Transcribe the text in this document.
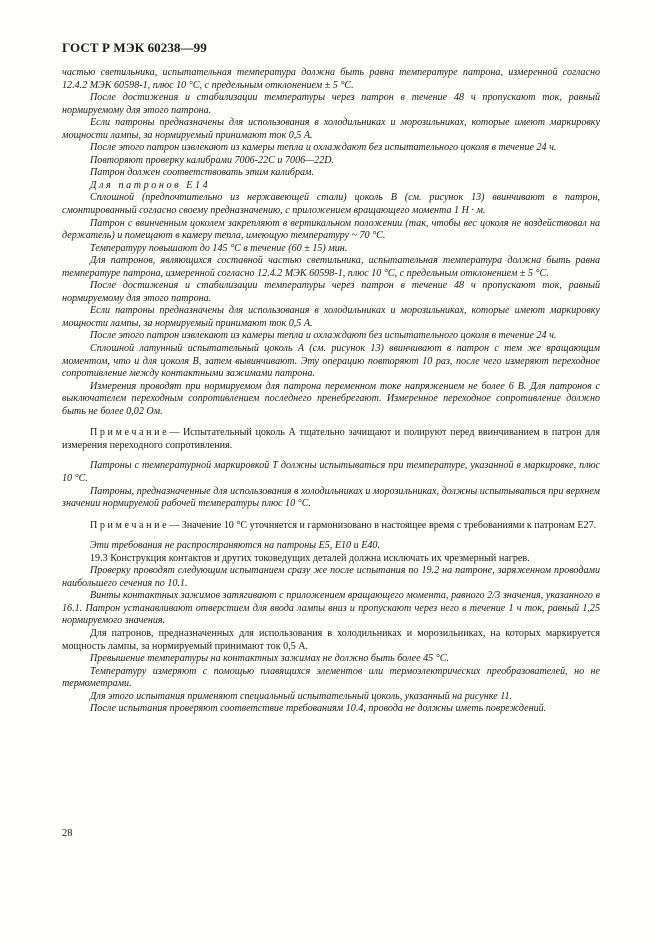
ГОСТ Р МЭК 60238—99

частью светильника, испытательная температура должна быть равна температуре патрона, измеренной согласно 12.4.2 МЭК 60598-1, плюс 10 °С, с предельным отклонением ± 5 °С.

После достижения и стабилизации температуры через патрон в течение 48 ч пропускают ток, равный нормируемому для этого патрона.

Если патроны предназначены для использования в холодильниках и морозильниках, которые имеют маркировку мощности лампы, за нормируемый принимают ток 0,5 А.

После этого патрон извлекают из камеры тепла и охлаждают без испытательного цоколя в течение 24 ч.

Повторяют проверку калибрами 7006-22С и 7006—22D.

Патрон должен соответствовать этим калибрам.

Для патронов Е14

Сплошной (предпочтительно из нержавеющей стали) цоколь В (см. рисунок 13) ввинчивают в патрон, смонтированный согласно своему предназначению, с приложением вращающего момента 1 Н · м.

Патрон с ввинченным цоколем закрепляют в вертикальном положении (так, чтобы вес цоколя не воздействовал на держатель) и помещают в камеру тепла, имеющую температуру ~ 70 °С.

Температуру повышают до 145 °С в течение (60 ± 15) мин.

Для патронов, являющихся составной частью светильника, испытательная температура должна быть равна температуре патрона, измеренной согласно 12.4.2 МЭК 60598-1, плюс 10 °С, с предельным отклонением ± 5 °С.

После достижения и стабилизации температуры через патрон в течение 48 ч пропускают ток, равный нормируемому для этого патрона.

Если патроны предназначены для использования в холодильниках и морозильниках, которые имеют маркировку мощности лампы, за нормируемый принимают ток 0,5 А.

После этого патрон извлекают из камеры тепла и охлаждают без испытательного цоколя в течение 24 ч.

Сплошной латунный испытательный цоколь А (см. рисунок 13) ввинчивают в патрон с тем же вращающим моментом, что и для цоколя В, затем вывинчивают. Эту операцию повторяют 10 раз, после чего измеряют переходное сопротивление между контактными зажимами патрона.

Измерения проводят при нормируемом для патрона переменном токе напряжением не более 6 В. Для патронов с выключателем переходным сопротивлением последнего пренебрегают. Измеренное переходное сопротивление должно быть не более 0,02 Ом.

Примечание— Испытательный цоколь А тщательно зачищают и полируют перед ввинчиванием в патрон для измерения переходного сопротивления.

Патроны с температурной маркировкой Т должны испытываться при температуре, указанной в маркировке, плюс 10 °С.

Патроны, предназначенные для использования в холодильниках и морозильниках, должны испытываться при верхнем значении нормируемой рабочей температуры плюс 10 °С.

Примечание— Значение 10 °С уточняется и гармонизовано в настоящее время с требованиями к патронам Е27.

Эти требования не распространяются на патроны Е5, Е10 и Е40.

19.3 Конструкция контактов и других токоведущих деталей должна исключать их чрезмерный нагрев.

Проверку проводят следующим испытанием сразу же после испытания по 19.2 на патроне, заряженном проводами наибольшего сечения по 10.1.

Винты контактных зажимов затягивают с приложением вращающего момента, равного 2/3 значения, указанного в 16.1. Патрон устанавливают отверстием для ввода лампы вниз и пропускают через него в течение 1 ч ток, равный 1,25 нормируемого значения.

Для патронов, предназначенных для использования в холодильниках и морозильниках, на которых маркируется мощность лампы, за нормируемый принимают ток 0,5 А.

Превышение температуры на контактных зажимах не должно быть более 45 °С.

Температуру измеряют с помощью плавящихся элементов или термоэлектрических преобразователей, но не термометрами.

Для этого испытания применяют специальный испытательный цоколь, указанный на рисунке 11.

После испытания проверяют соответствие требованиям 10.4, провода не должны иметь повреждений.

28
